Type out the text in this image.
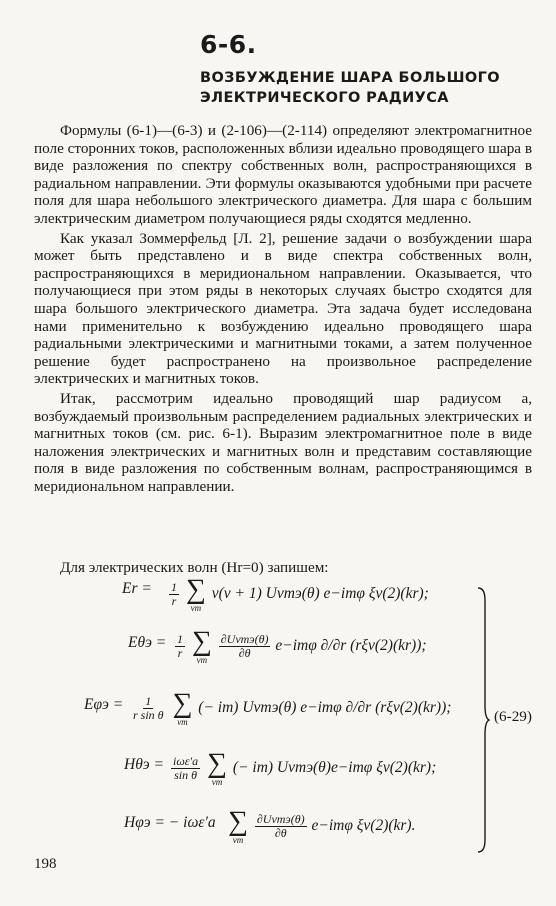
6-6.
ВОЗБУЖДЕНИЕ ШАРА БОЛЬШОГО
ЭЛЕКТРИЧЕСКОГО РАДИУСА

Формулы (6-1)—(6-3) и (2-106)—(2-114) определяют электромагнитное поле сторонних токов, расположенных вблизи идеально проводящего шара в виде разложения по спектру собственных волн, распространяющихся в радиальном направлении. Эти формулы оказываются удобными при расчете поля для шара небольшого электрического диаметра. Для шара с большим электрическим диаметром получающиеся ряды сходятся медленно.

Как указал Зоммерфельд [Л. 2], решение задачи о возбуждении шара может быть представлено и в виде спектра собственных волн, распространяющихся в меридиональном направлении. Оказывается, что получающиеся при этом ряды в некоторых случаях быстро сходятся для шара большого электрического диаметра. Эта задача будет исследована нами применительно к возбуждению идеально проводящего шара радиальными электрическими и магнитными токами, а затем полученное решение будет распространено на произвольное распределение электрических и магнитных токов.

Итак, рассмотрим идеально проводящий шар радиусом a, возбуждаемый произвольным распределением радиальных электрических и магнитных токов (см. рис. 6-1). Выразим электромагнитное поле в виде наложения электрических и магнитных волн и представим составляющие поля в виде разложения по собственным волнам, распространяющимся в меридиональном направлении.

Для электрических волн (Hr=0) запишем:
$Er = \frac{1}{r}$
∑
νm
ν(ν + 1) Uνmэ(θ) e−imφ ξν(2)(kr);
$E\theta э = \frac{1}{r}$
∑
νm
$\frac{\text{∂Uνmэ(θ)}}{\partial\theta} e-im\varphi$ ∂/∂r (rξν(2)(kr));
$E\varphi э = \frac{1}{\text{r sin θ}}$
∑
νm
(− im) Uνmэ(θ) e−imφ ∂/∂r (rξν(2)(kr));
$H\theta э = \frac{\text{iωε′a}}{\text{sin θ}}$
∑
νm
(− im) Uνmэ(θ)e−imφ ξν(2)(kr);
Hφэ = − iωε′a ∑
νm
$\frac{\text{∂Uνmэ(θ)}}{\partial\theta} e-im\varphi$ ξν(2)(kr).
(6-29)
198
